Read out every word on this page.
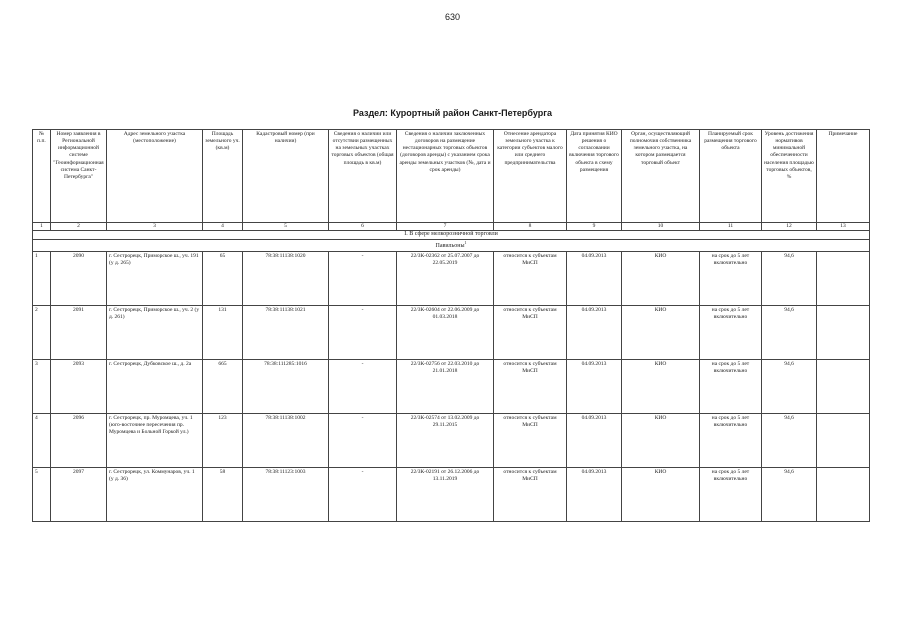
630
Раздел: Курортный район Санкт-Петербурга
№ п.п.	Номер заявления в Региональной информационной системе "Геоинформационная система Санкт-Петербурга"	Адрес земельного участка (местоположение)	Площадь земельного уч. (кв.м)	Кадастровый номер (при наличии)	Сведения о наличии или отсутствии размещенных на земельных участках торговых объектов (общая площадь в кв.м)	Сведения о наличии заключенных договоров на размещение нестационарных торговых объектов (договоров аренды) с указанием срока аренды земельных участков (№, дата и срок аренды)	Отнесение арендатора земельного участка к категории субъектов малого или среднего предпринимательства	Дата принятия КИО решения о согласовании включения торгового объекта в схему размещения	Орган, осуществляющий полномочия собственника земельного участка, на котором размещается торговый объект	Планируемый срок размещения торгового объекта	Уровень достижения нормативов минимальной обеспеченности населения площадью торговых объектов, %	Примечание
1	2	3	4	5	6	7	8	9	10	11	12	13
I. В сфере мелкорозничной торговли												
Павильоны$^1$
1	2090	г. Сестрорецк, Приморское ш., уч. 191 (у д. 265)	65	78:38:11138:1020	-	22/ЗК-02362 от 25.07.2007 до 22.05.2019	относится к субъектам МиСП	04.09.2013	КИО	на срок до 5 лет включительно	94,6	
2	2091	г. Сестрорецк, Приморское ш., уч. 2 (у д. 261)	131	78:38:11138:1021	-	22/ЗК-02604 от 22.06.2009 до 01.03.2018	относится к субъектам МиСП	04.09.2013	КИО	на срок до 5 лет включительно	94,6	
3	2093	г. Сестрорецк, Дубковское ш., д. 2а	665	78:38:111285:1016	-	22/ЗК-02756 от 22.03.2010 до 21.01.2018	относится к субъектам МиСП	04.09.2013	КИО	на срок до 5 лет включительно	94,6	
4	2096	г. Сестрорецк, пр. Муромцева, уч. 1 (юго-восточнее пересечения пр. Муромцева и Больной Горкой ул.)	123	78:38:11138:1002	-	22/ЗК-02574 от 13.02.2009 до 29.11.2015	относится к субъектам МиСП	04.09.2013	КИО	на срок до 5 лет включительно	94,6	
5	2097	г. Сестрорецк, ул. Коммунаров, уч. 1 (у д. 36)	58	78:38:11123:1003	-	22/ЗК-02191 от 26.12.2006 до 13.11.2019	относится к субъектам МиСП	04.09.2013	КИО	на срок до 5 лет включительно	94,6	
